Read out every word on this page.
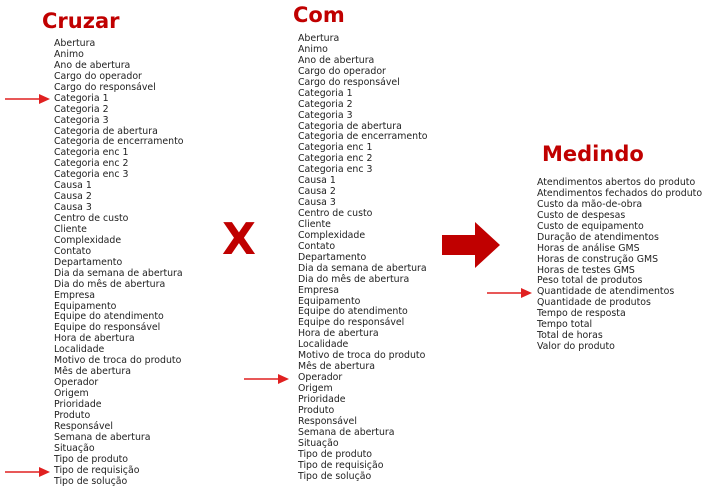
Cruzar	Com
Medindo
Abertura
Animo
Ano de abertura
Cargo do operador
Cargo do responsável
Categoria 1
Categoria 2
Categoria 3
Categoria de abertura
Categoria de encerramento
Categoria enc 1
Categoria enc 2
Categoria enc 3
Causa 1
Causa 2
Causa 3
Centro de custo
Cliente
Complexidade
Contato
Departamento
Dia da semana de abertura
Dia do mês de abertura
Empresa
Equipamento
Equipe do atendimento
Equipe do responsável
Hora de abertura
Localidade
Motivo de troca do produto
Mês de abertura
Operador
Origem
Prioridade
Produto
Responsável
Semana de abertura
Situação
Tipo de produto
Tipo de requisição
Tipo de solução
Abertura
Animo
Ano de abertura
Cargo do operador
Cargo do responsável
Categoria 1
Categoria 2
Categoria 3
Categoria de abertura
Categoria de encerramento
Categoria enc 1
Categoria enc 2
Categoria enc 3
Causa 1
Causa 2
Causa 3
Centro de custo
Cliente
Complexidade
Contato
Departamento
Dia da semana de abertura
Dia do mês de abertura
Empresa
Equipamento
Equipe do atendimento
Equipe do responsável
Hora de abertura
Localidade
Motivo de troca do produto
Mês de abertura
Operador
Origem
Prioridade
Produto
Responsável
Semana de abertura
Situação
Tipo de produto
Tipo de requisição
Tipo de solução
Atendimentos abertos do produto
Atendimentos fechados do produto
Custo da mão-de-obra
Custo de despesas
Custo de equipamento
Duração de atendimentos
Horas de análise GMS
Horas de construção GMS
Horas de testes GMS
Peso total de produtos
Quantidade de atendimentos
Quantidade de produtos
Tempo de resposta
Tempo total
Total de horas
Valor do produto
X
